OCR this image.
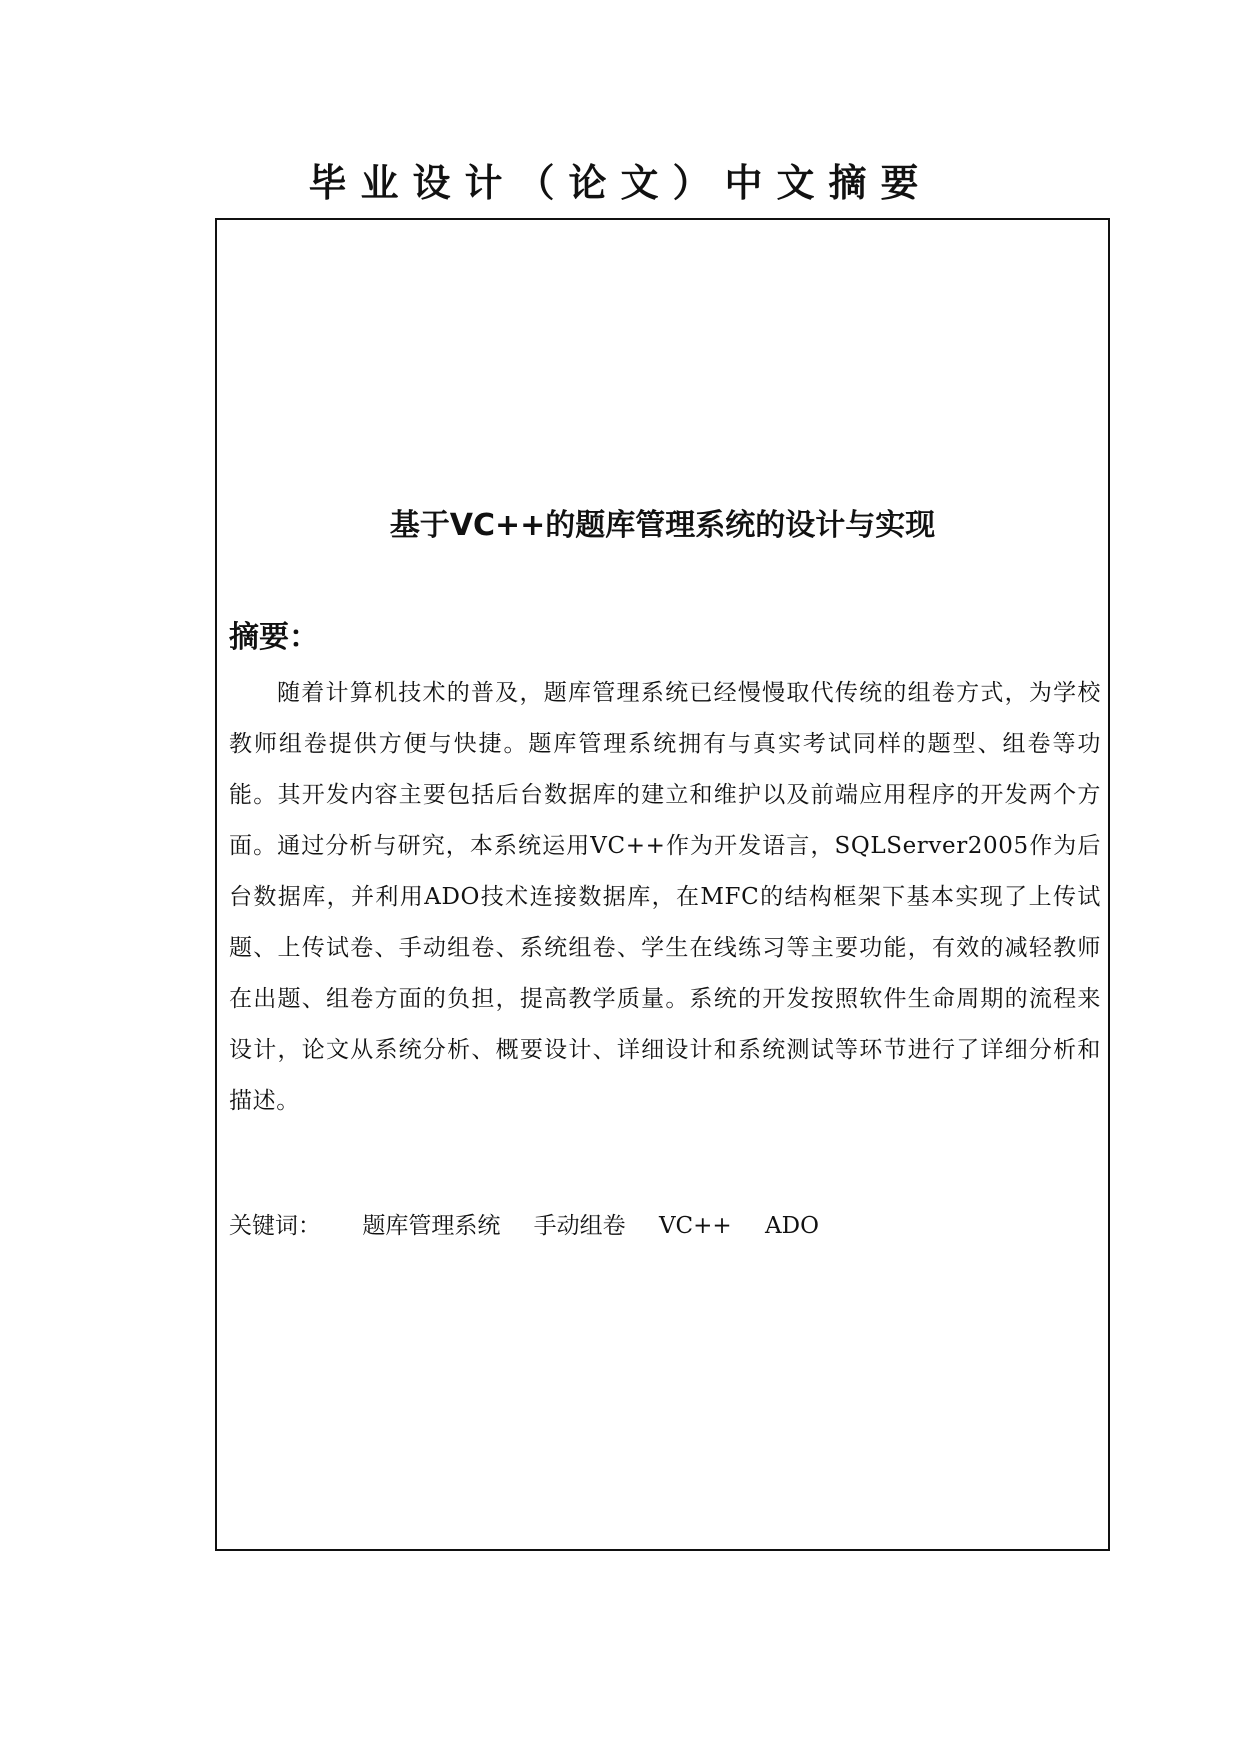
毕业设计（论文）中文摘要
基于VC++的题库管理系统的设计与实现
摘要：

随着计算机技术的普及，题库管理系统已经慢慢取代传统的组卷方式，为学校教师组卷提供方便与快捷。题库管理系统拥有与真实考试同样的题型、组卷等功能。其开发内容主要包括后台数据库的建立和维护以及前端应用程序的开发两个方面。通过分析与研究，本系统运用VC++作为开发语言，SQLServer2005作为后台数据库，并利用ADO技术连接数据库，在MFC的结构框架下基本实现了上传试题、上传试卷、手动组卷、系统组卷、学生在线练习等主要功能，有效的减轻教师在出题、组卷方面的负担，提高教学质量。系统的开发按照软件生命周期的流程来设计，论文从系统分析、概要设计、详细设计和系统测试等环节进行了详细分析和描述。

关键词： 题库管理系统 手动组卷 VC++ ADO
